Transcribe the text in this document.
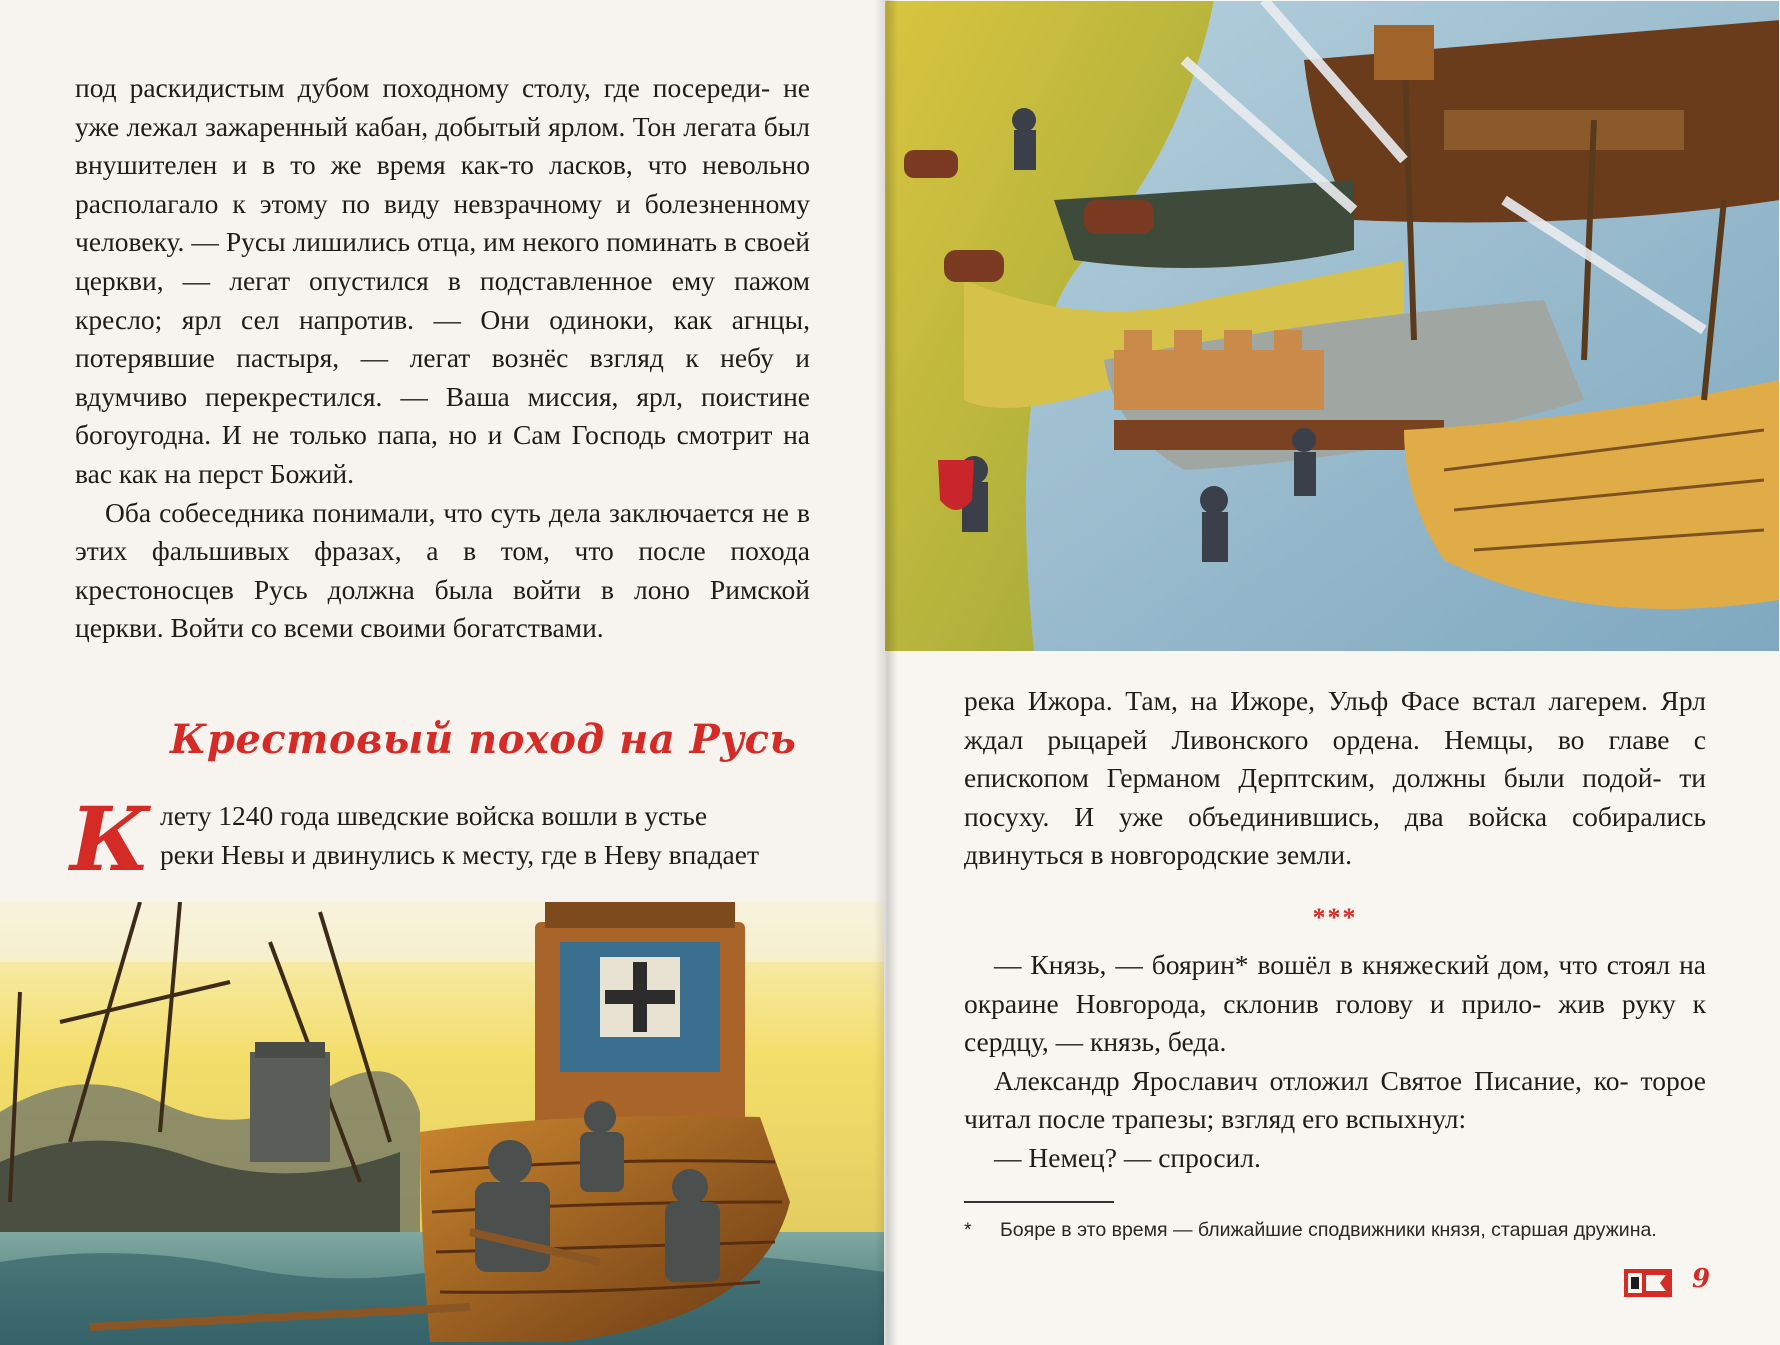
под раскидистым дубом походному столу, где посереди- не уже лежал зажаренный кабан, добытый ярлом. Тон легата был внушителен и в то же время как-то ласков, что невольно располагало к этому по виду невзрачному и болезненному человеку. — Русы лишились отца, им некого поминать в своей церкви, — легат опустился в подставленное ему пажом кресло; ярл сел напротив. — Они одиноки, как агнцы, потерявшие пастыря, — легат вознёс взгляд к небу и вдумчиво перекрестился. — Ваша миссия, ярл, поистине богоугодна. И не только папа, но и Сам Господь смотрит на вас как на перст Божий.

Оба собеседника понимали, что суть дела заключается не в этих фальшивых фразах, а в том, что после похода крестоносцев Русь должна была войти в лоно Римской церкви. Войти со всеми своими богатствами.

Крестовый поход на Русь
К лету 1240 года шведские войска вошли в устье

реки Невы и двинулись к месту, где в Неву впадает

река Ижора. Там, на Ижоре, Ульф Фасе встал лагерем. Ярл ждал рыцарей Ливонского ордена. Немцы, во главе с епископом Германом Дерптским, должны были подой- ти посуху. И уже объединившись, два войска собирались двинуться в новгородские земли.

***

— Князь, — боярин* вошёл в княжеский дом, что стоял на окраине Новгорода, склонив голову и прило- жив руку к сердцу, — князь, беда.

Александр Ярославич отложил Святое Писание, ко- торое читал после трапезы; взгляд его вспыхнул:

— Немец? — спросил.

* Бояре в это время — ближайшие сподвижники князя, старшая дружина.

9
